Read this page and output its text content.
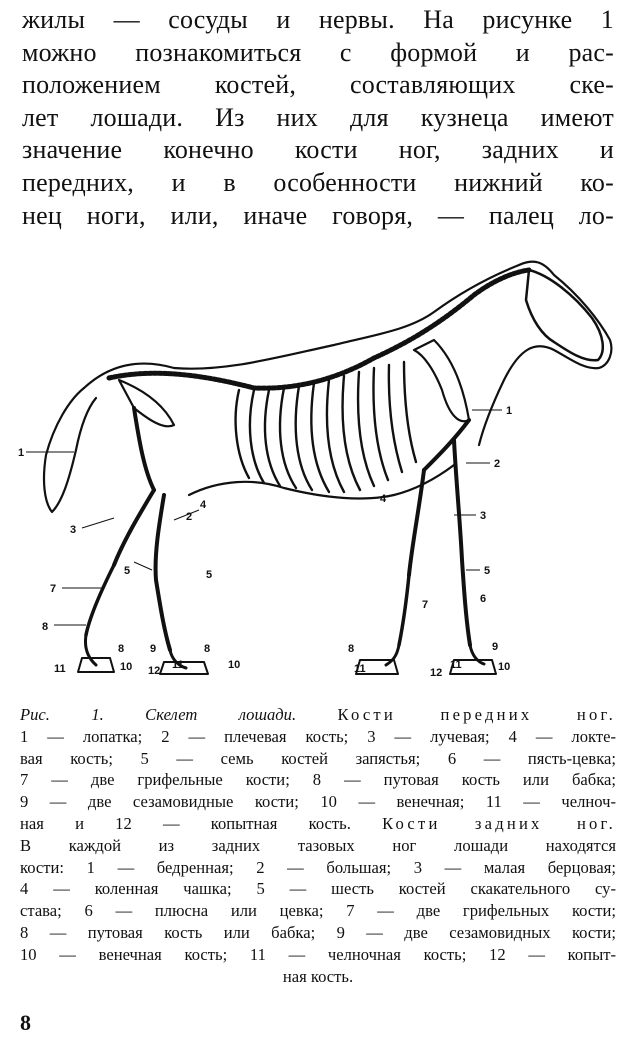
жилы — сосуды и нервы. На рисунке 1
можно познакомиться с формой и рас-
положением костей, составляющих ске-
лет лошади. Из них для кузнеца имеют
значение конечно кости ног, задних и
передних, и в особенности нижний ко-
нец ноги, или, иначе говоря, — палец ло-
1
2
4
3
5	5
7
8
8 9	8
11	10 12 11	10
1
2
4
3
5
7	6
8	9
11	12
11	10
Рис. 1. Скелет лошади. Кости передних ног.
1 — лопатка; 2 — плечевая кость; 3 — лучевая; 4 — локте-
вая кость; 5 — семь костей запястья; 6 — пясть-цевка;
7 — две грифельные кости; 8 — путовая кость или бабка;
9 — две сезамовидные кости; 10 — венечная; 11 — челноч-
ная и 12 — копытная кость. Кости задних ног.
В каждой из задних тазовых ног лошади находятся
кости: 1 — бедренная; 2 — большая; 3 — малая берцовая;
4 — коленная чашка; 5 — шесть костей скакательного су-
става; 6 — плюсна или цевка; 7 — две грифельных кости;
8 — путовая кость или бабка; 9 — две сезамовидных кости;
10 — венечная кость; 11 — челночная кость; 12 — копыт-
ная кость.
8
